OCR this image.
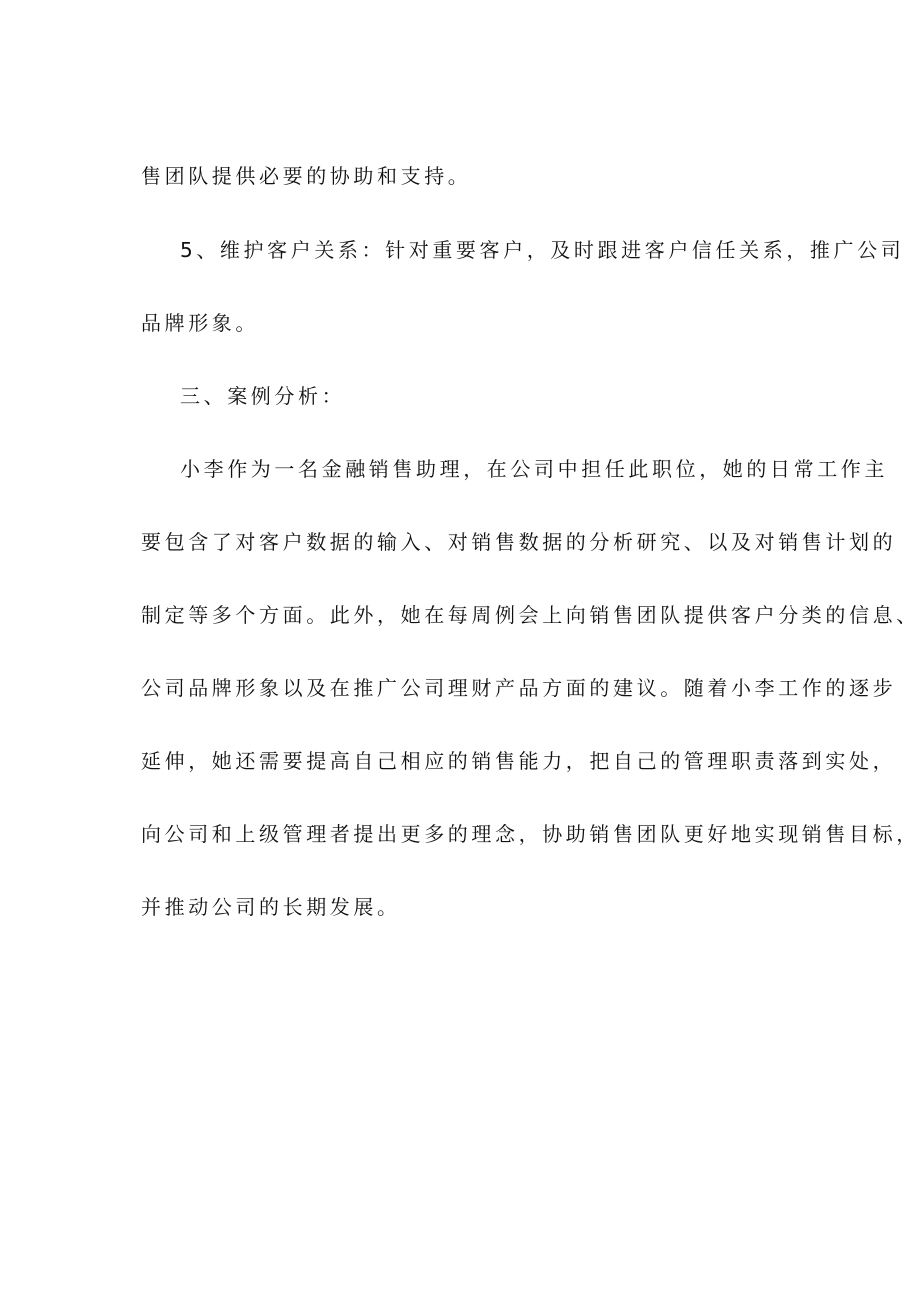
售团队提供必要的协助和支持。
5、维护客户关系：针对重要客户，及时跟进客户信任关系，推广公司
品牌形象。
三、案例分析：
小李作为一名金融销售助理，在公司中担任此职位，她的日常工作主
要包含了对客户数据的输入、对销售数据的分析研究、以及对销售计划的
制定等多个方面。此外，她在每周例会上向销售团队提供客户分类的信息、
公司品牌形象以及在推广公司理财产品方面的建议。随着小李工作的逐步
延伸，她还需要提高自己相应的销售能力，把自己的管理职责落到实处，
向公司和上级管理者提出更多的理念，协助销售团队更好地实现销售目标，
并推动公司的长期发展。
